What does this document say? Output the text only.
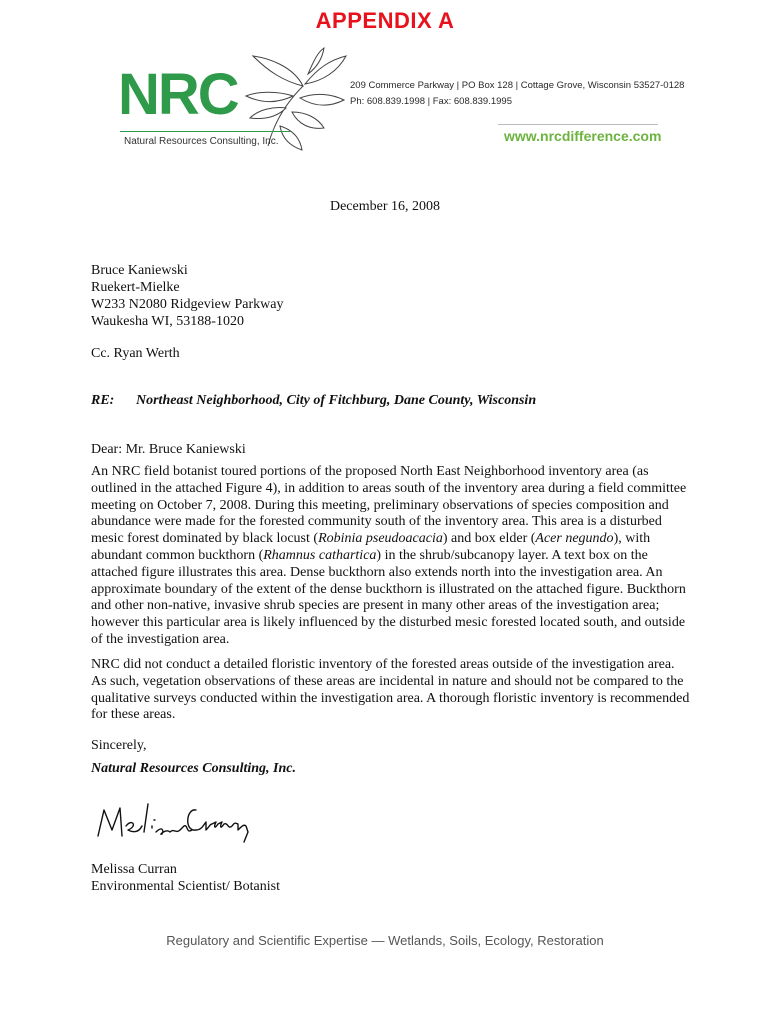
APPENDIX A
NRC
Natural Resources Consulting, Inc.
209 Commerce Parkway | PO Box 128 | Cottage Grove, Wisconsin 53527-0128
Ph: 608.839.1998 | Fax: 608.839.1995
www.nrcdifference.com
December 16, 2008
Bruce Kaniewski
Ruekert-Mielke
W233 N2080 Ridgeview Parkway
Waukesha WI, 53188-1020
Cc. Ryan Werth
RE: Northeast Neighborhood, City of Fitchburg, Dane County, Wisconsin
Dear: Mr. Bruce Kaniewski
An NRC field botanist toured portions of the proposed North East Neighborhood inventory area (as outlined in the attached Figure 4), in addition to areas south of the inventory area during a field committee meeting on October 7, 2008. During this meeting, preliminary observations of species composition and abundance were made for the forested community south of the inventory area. This area is a disturbed mesic forest dominated by black locust (Robinia pseudoacacia) and box elder (Acer negundo), with abundant common buckthorn (Rhamnus cathartica) in the shrub/subcanopy layer. A text box on the attached figure illustrates this area. Dense buckthorn also extends north into the investigation area. An approximate boundary of the extent of the dense buckthorn is illustrated on the attached figure. Buckthorn and other non-native, invasive shrub species are present in many other areas of the investigation area; however this particular area is likely influenced by the disturbed mesic forested located south, and outside of the investigation area.
NRC did not conduct a detailed floristic inventory of the forested areas outside of the investigation area. As such, vegetation observations of these areas are incidental in nature and should not be compared to the qualitative surveys conducted within the investigation area. A thorough floristic inventory is recommended for these areas.
Sincerely,
Natural Resources Consulting, Inc.
Melissa Curran
Environmental Scientist/ Botanist
Regulatory and Scientific Expertise — Wetlands, Soils, Ecology, Restoration
